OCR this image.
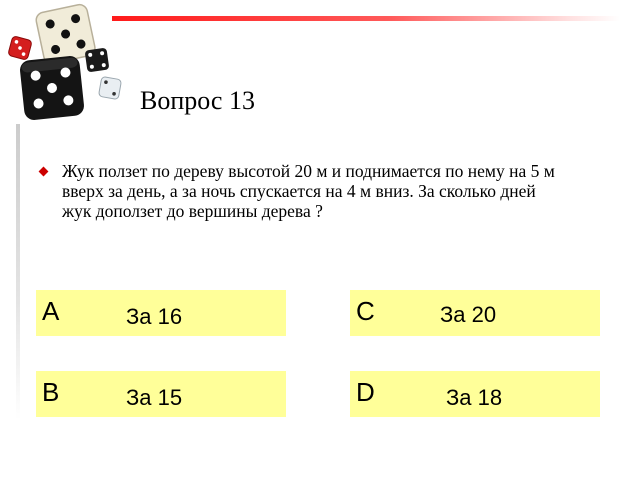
Вопрос 13
Жук ползет по дереву высотой 20 м и поднимается по нему на 5 м вверх за день, а за ночь спускается на 4 м вниз. За сколько дней жук доползет до вершины дерева ?
A	За 16	C	За 20
B	За 15	D	За 18
